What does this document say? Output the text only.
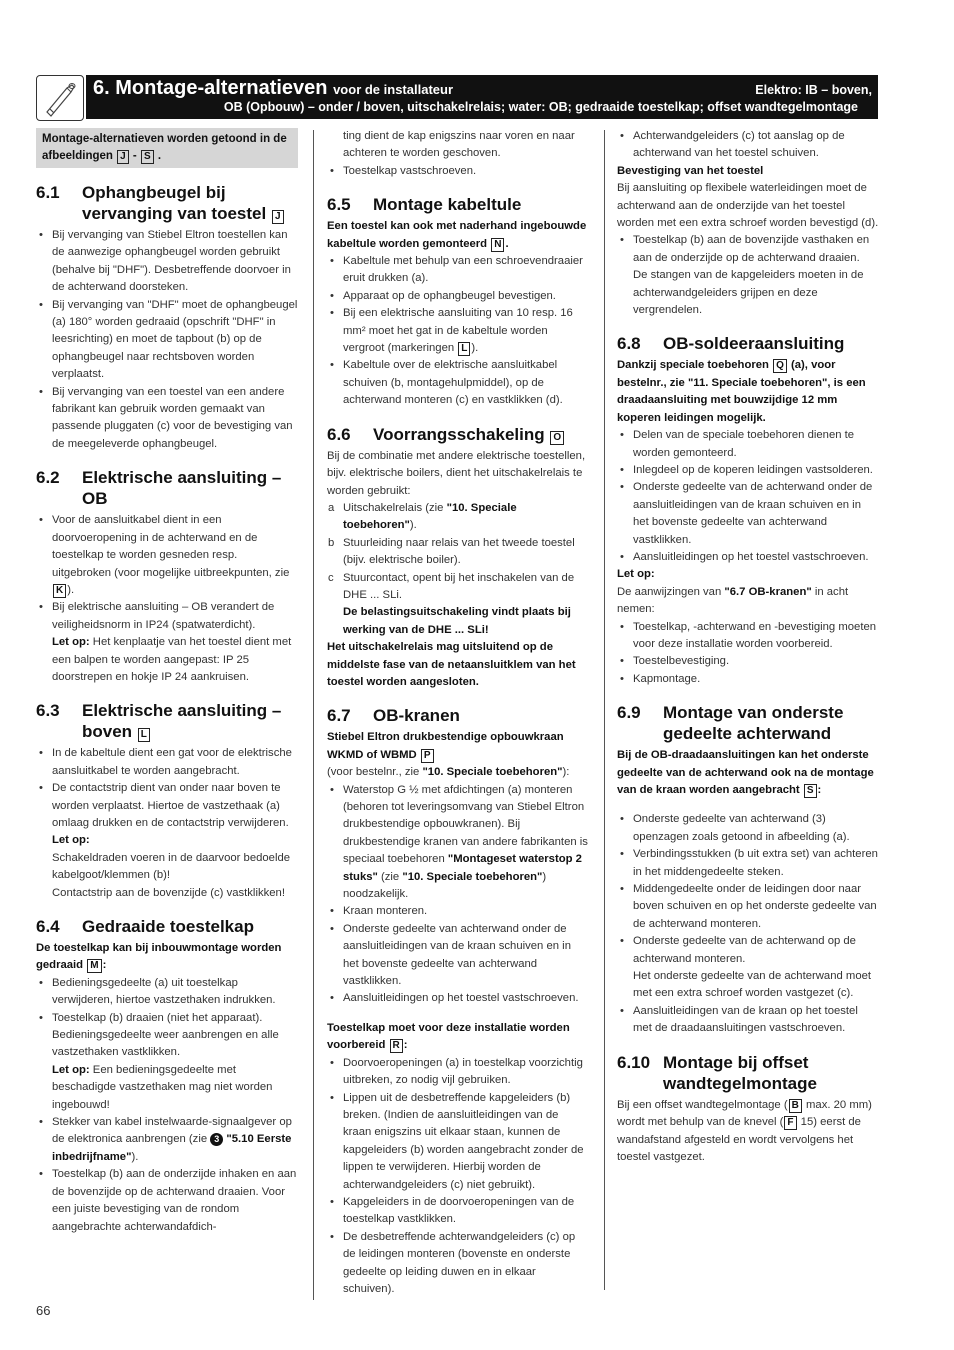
6. Montage-alternatieven voor de installateur	Elektro: IB – boven,
OB (Opbouw) – onder / boven, uitschakelrelais; water: OB; gedraaide toestelkap; offset wandtegelmontage
Montage-alternatieven worden getoond in de afbeeldingen J - S .
6.1	Ophangbeugel bij vervanging van toestel J
• Bij vervanging van Stiebel Eltron toestellen kan de aanwezige ophangbeugel worden gebruikt (behalve bij "DHF"). Desbetreffende doorvoer in de achterwand doorsteken.
• Bij vervanging van "DHF" moet de ophangbeugel (a) 180° worden gedraaid (opschrift "DHF" in leesrichting) en moet de tapbout (b) op de ophangbeugel naar rechtsboven worden verplaatst.
• Bij vervanging van een toestel van een andere fabrikant kan gebruik worden gemaakt van passende pluggaten (c) voor de bevestiging van de meegeleverde ophangbeugel.
6.2	Elektrische aansluiting – OB
• Voor de aansluitkabel dient in een doorvoeropening in de achterwand en de toestelkap te worden gesneden resp. uitgebroken (voor mogelijke uitbreekpunten, zie K ).
• Bij elektrische aansluiting – OB verandert de veiligheidsnorm in IP24 (spatwaterdicht).
Let op: Het kenplaatje van het toestel dient met een balpen te worden aangepast: IP 25 doorstrepen en hokje IP 24 aankruisen.
6.3	Elektrische aansluiting – boven L
• In de kabeltule dient een gat voor de elektrische aansluitkabel te worden aangebracht.
• De contactstrip dient van onder naar boven te worden verplaatst. Hiertoe de vastzethaak (a) omlaag drukken en de contactstrip verwijderen.
Let op:
Schakeldraden voeren in de daarvoor bedoelde kabelgoot/klemmen (b)!
Contactstrip aan de bovenzijde (c) vastklikken!
6.4	Gedraaide toestelkap

De toestelkap kan bij inbouwmontage worden gedraaid M :

• Bedieningsgedeelte (a) uit toestelkap verwijderen, hiertoe vastzethaken indrukken.
• Toestelkap (b) draaien (niet het apparaat). Bedieningsgedeelte weer aanbrengen en alle vastzethaken vastklikken.
Let op: Een bedieningsgedeelte met beschadigde vastzethaken mag niet worden ingebouwd!
• Stekker van kabel instelwaarde-signaalgever op de elektronica aanbrengen (zie 3 "5.10 Eerste inbedrijfname").
• Toestelkap (b) aan de onderzijde inhaken en aan de bovenzijde op de achterwand draaien. Voor een juiste bevestiging van de rondom aangebrachte achterwandafdich-

ting dient de kap enigszins naar voren en naar achteren te worden geschoven.

• Toestelkap vastschroeven.
6.5	Montage kabeltule

Een toestel kan ook met naderhand ingebouwde kabeltule worden gemonteerd N .

• Kabeltule met behulp van een schroevendraaier eruit drukken (a).
• Apparaat op de ophangbeugel bevestigen.
• Bij een elektrische aansluiting van 10 resp. 16 mm² moet het gat in de kabeltule worden vergroot (markeringen L ).
• Kabeltule over de elektrische aansluitkabel schuiven (b, montagehulpmiddel), op de achterwand monteren (c) en vastklikken (d).
6.6	Voorrangsschakeling O

Bij de combinatie met andere elektrische toestellen, bijv. elektrische boilers, dient het uitschakelrelais te worden gebruikt:

a Uitschakelrelais (zie "10. Speciale toebehoren").
b Stuurleiding naar relais van het tweede toestel (bijv. elektrische boiler).
c Stuurcontact, opent bij het inschakelen van de DHE ... SLi.
De belastingsuitschakeling vindt plaats bij werking van de DHE ... SLi!

Het uitschakelrelais mag uitsluitend op de middelste fase van de netaansluitklem van het toestel worden aangesloten.

6.7	OB-kranen

Stiebel Eltron drukbestendige opbouwkraan WKMD of WBMD P

(voor bestelnr., zie "10. Speciale toebehoren"):

• Waterstop G ½ met afdichtingen (a) monteren (behoren tot leveringsomvang van Stiebel Eltron drukbestendige opbouwkranen). Bij drukbestendige kranen van andere fabrikanten is speciaal toebehoren "Montageset waterstop 2 stuks" (zie "10. Speciale toebehoren") noodzakelijk.
• Kraan monteren.
• Onderste gedeelte van achterwand onder de aansluitleidingen van de kraan schuiven en in het bovenste gedeelte van achterwand vastklikken.
• Aansluitleidingen op het toestel vastschroeven.

Toestelkap moet voor deze installatie worden voorbereid R :

• Doorvoeropeningen (a) in toestelkap voorzichtig uitbreken, zo nodig vijl gebruiken.
• Lippen uit de desbetreffende kapgeleiders (b) breken. (Indien de aansluitleidingen van de kraan enigszins uit elkaar staan, kunnen de kapgeleiders (b) worden aangebracht zonder de lippen te verwijderen. Hierbij worden de achterwandgeleiders (c) niet gebruikt).
• Kapgeleiders in de doorvoeropeningen van de toestelkap vastklikken.
• De desbetreffende achterwandgeleiders (c) op de leidingen monteren (bovenste en onderste gedeelte op leiding duwen en in elkaar schuiven).
• Achterwandgeleiders (c) tot aanslag op de achterwand van het toestel schuiven.

Bevestiging van het toestel

Bij aansluiting op flexibele waterleidingen moet de achterwand aan de onderzijde van het toestel worden met een extra schroef worden bevestigd (d).

• Toestelkap (b) aan de bovenzijde vasthaken en aan de onderzijde op de achterwand draaien.
De stangen van de kapgeleiders moeten in de achterwandgeleiders grijpen en deze vergrendelen.
6.8	OB-soldeeraansluiting

Dankzij speciale toebehoren Q (a), voor bestelnr., zie "11. Speciale toebehoren", is een draadaansluiting met bouwzijdige 12 mm koperen leidingen mogelijk.

• Delen van de speciale toebehoren dienen te worden gemonteerd.
• Inlegdeel op de koperen leidingen vastsolderen.
• Onderste gedeelte van de achterwand onder de aansluitleidingen van de kraan schuiven en in het bovenste gedeelte van achterwand vastklikken.
• Aansluitleidingen op het toestel vastschroeven.

Let op:

De aanwijzingen van "6.7 OB-kranen" in acht nemen:

• Toestelkap, -achterwand en -bevestiging moeten voor deze installatie worden voorbereid.
• Toestelbevestiging.
• Kapmontage.
6.9	Montage van onderste gedeelte achterwand

Bij de OB-draadaansluitingen kan het onderste gedeelte van de achterwand ook na de montage van de kraan worden aangebracht S :

• Onderste gedeelte van achterwand (3) openzagen zoals getoond in afbeelding (a).
• Verbindingsstukken (b uit extra set) van achteren in het middengedeelte steken.
• Middengedeelte onder de leidingen door naar boven schuiven en op het onderste gedeelte van de achterwand monteren.
• Onderste gedeelte van de achterwand op de achterwand monteren.
Het onderste gedeelte van de achterwand moet met een extra schroef worden vastgezet (c).
• Aansluitleidingen van de kraan op het toestel met de draadaansluitingen vastschroeven.
6.10 Montage bij offset wandtegelmontage

Bij een offset wandtegelmontage ( B max. 20 mm) wordt met behulp van de knevel ( F 15) eerst de wandafstand afgesteld en wordt vervolgens het toestel vastgezet.

66
